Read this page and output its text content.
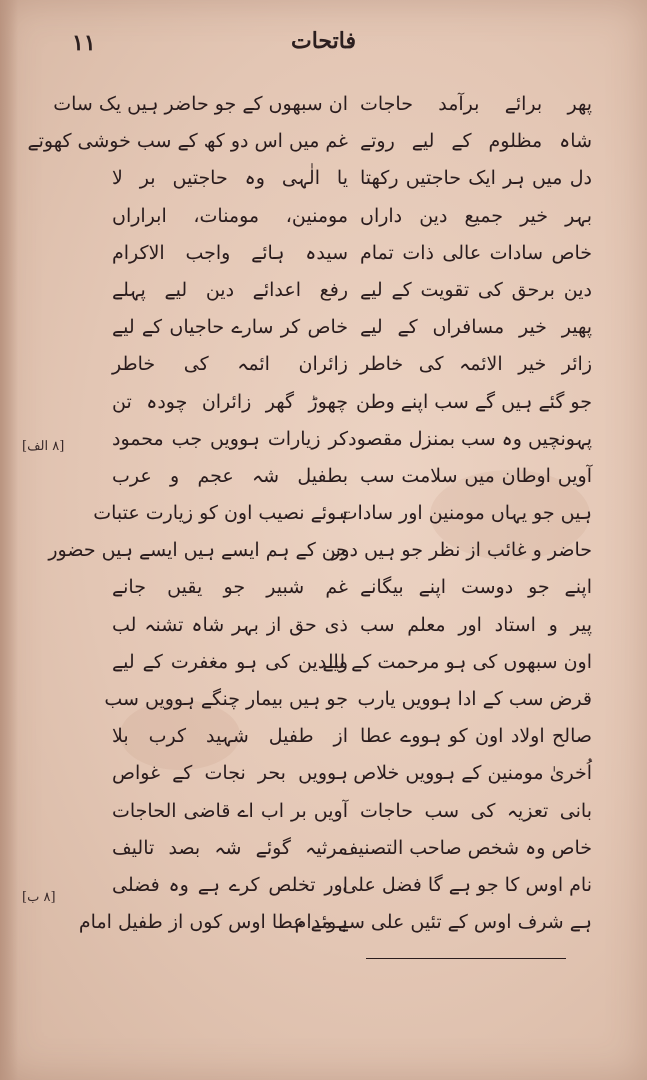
۱۱	فاتحات
پھر برائے برآمد حاجات
شاہ مظلوم کے لیے روتے
دل میں ہر ایک حاجتیں رکھتا
بہر خیر جمیع دین داراں
خاص سادات عالی ذات تمام
دین برحق کی تقویت کے لیے
پھیر خیر مسافراں کے لیے
زائر خیر الائمہ کی خاطر
جو گئے ہیں گے سب اپنے وطن
پہونچیں وہ سب بمنزل مقصود
آویں اوطان میں سلامت سب
ہیں جو یہاں مومنین اور سادات
حاضر و غائب از نظر جو ہیں دور
اپنے جو دوست اپنے بیگانے
پیر و استاد اور معلم سب
اون سبھوں کی ہو مرحمت کے لیے
قرض سب کے ادا ہوویں یارب
صالح اولاد اون کو ہووے عطا
اُخریٰ مومنین کے ہوویں خلاص
بانی تعزیہ کی سب حاجات
خاص وہ شخص صاحب التصنیف
نام اوس کا جو ہے گا فضل علی
ہے شرف اوس کے تئیں علی سے مدام
ان سبھوں کے جو حاضر ہیں یک سات
غم میں اس دو کھ کے سب خوشی کھوتے
یا الٰہی وہ حاجتیں بر لا
مومنین، مومنات، ابراراں
سیدہ ہائے واجب الاکرام
رفع اعدائے دین لیے پہلے
خاص کر سارے حاجیاں کے لیے
زائران ائمہ کی خاطر
چھوڑ گھر زائران چودہ تن
کر زیارات ہوویں جب محمود
بطفیل شہ عجم و عرب
ہوئے نصیب اون کو زیارت عتبات
جن کے ہم ایسے ہیں ایسے ہیں حضور
غم شبیر جو یقیں جانے
ذی حق از بہر شاہ تشنہ لب
والدین کی ہو مغفرت کے لیے
جو ہیں بیمار چنگے ہوویں سب
از طفیل شہید کرب بلا
ہوویں بحر نجات کے غواص
آویں بر اب اے قاضی الحاجات
مرثیہ گوئے شہ بصد تالیف
اور تخلص کرے ہے وہ فضلی
ہوئے عطا اوس کوں از طفیل امام
[۸ الف]
[۸ ب]
